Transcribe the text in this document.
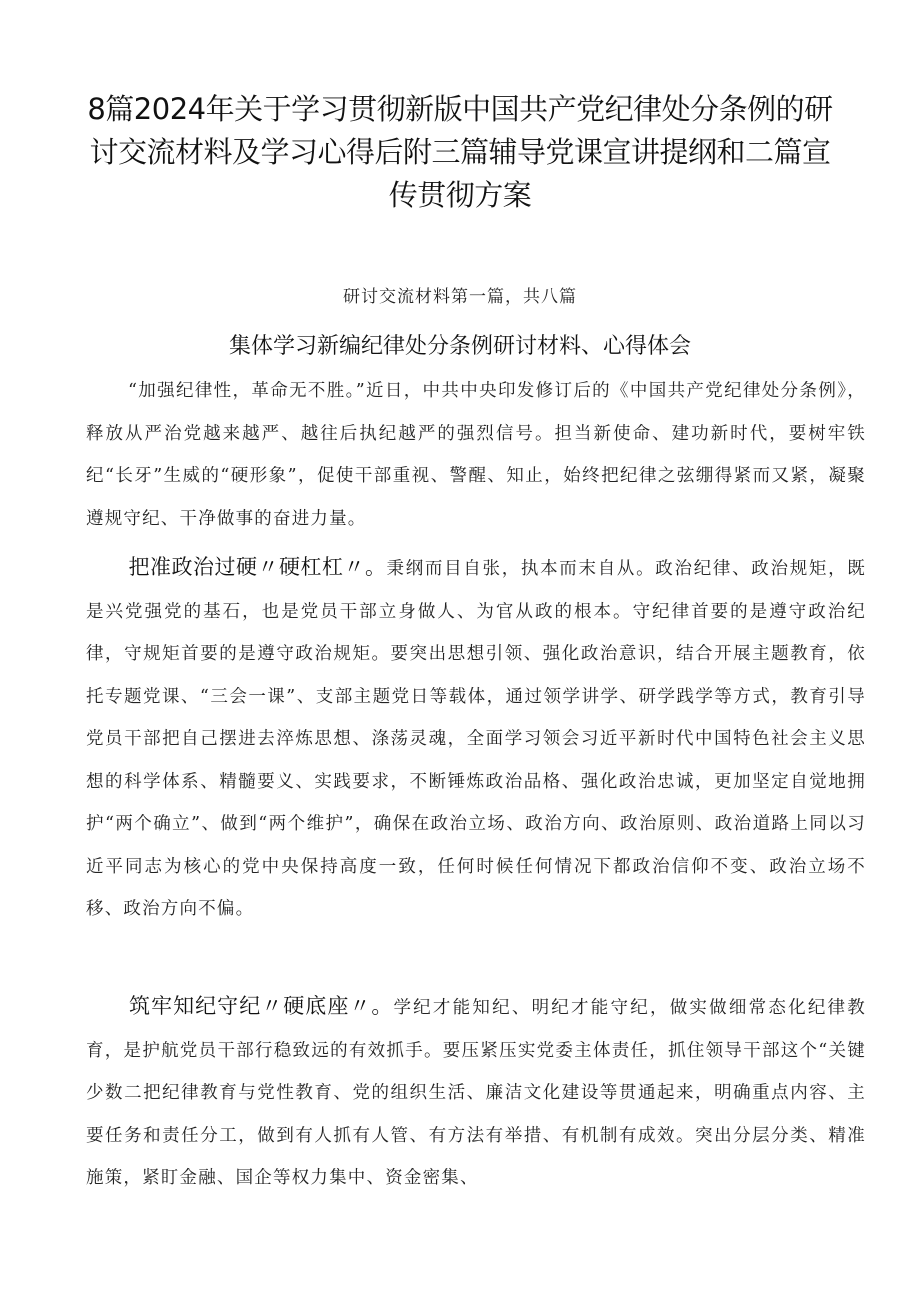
8篇2024年关于学习贯彻新版中国共产党纪律处分条例的研讨交流材料及学习心得后附三篇辅导党课宣讲提纲和二篇宣传贯彻方案
研讨交流材料第一篇，共八篇
集体学习新编纪律处分条例研讨材料、心得体会

“加强纪律性，革命无不胜。”近日，中共中央印发修订后的《中国共产党纪律处分条例》，释放从严治党越来越严、越往后执纪越严的强烈信号。担当新使命、建功新时代，要树牢铁纪“长牙”生威的“硬形象”，促使干部重视、警醒、知止，始终把纪律之弦绷得紧而又紧，凝聚遵规守纪、干净做事的奋进力量。

把准政治过硬〃硬杠杠〃。秉纲而目自张，执本而末自从。政治纪律、政治规矩，既是兴党强党的基石，也是党员干部立身做人、为官从政的根本。守纪律首要的是遵守政治纪律，守规矩首要的是遵守政治规矩。要突出思想引领、强化政治意识，结合开展主题教育，依托专题党课、“三会一课”、支部主题党日等载体，通过领学讲学、研学践学等方式，教育引导党员干部把自己摆进去淬炼思想、涤荡灵魂，全面学习领会习近平新时代中国特色社会主义思想的科学体系、精髓要义、实践要求，不断锤炼政治品格、强化政治忠诚，更加坚定自觉地拥护“两个确立”、做到“两个维护”，确保在政治立场、政治方向、政治原则、政治道路上同以习近平同志为核心的党中央保持高度一致，任何时候任何情况下都政治信仰不变、政治立场不移、政治方向不偏。

筑牢知纪守纪〃硬底座〃。学纪才能知纪、明纪才能守纪，做实做细常态化纪律教育，是护航党员干部行稳致远的有效抓手。要压紧压实党委主体责任，抓住领导干部这个“关键少数二把纪律教育与党性教育、党的组织生活、廉洁文化建设等贯通起来，明确重点内容、主要任务和责任分工，做到有人抓有人管、有方法有举措、有机制有成效。突出分层分类、精准施策，紧盯金融、国企等权力集中、资金密集、
